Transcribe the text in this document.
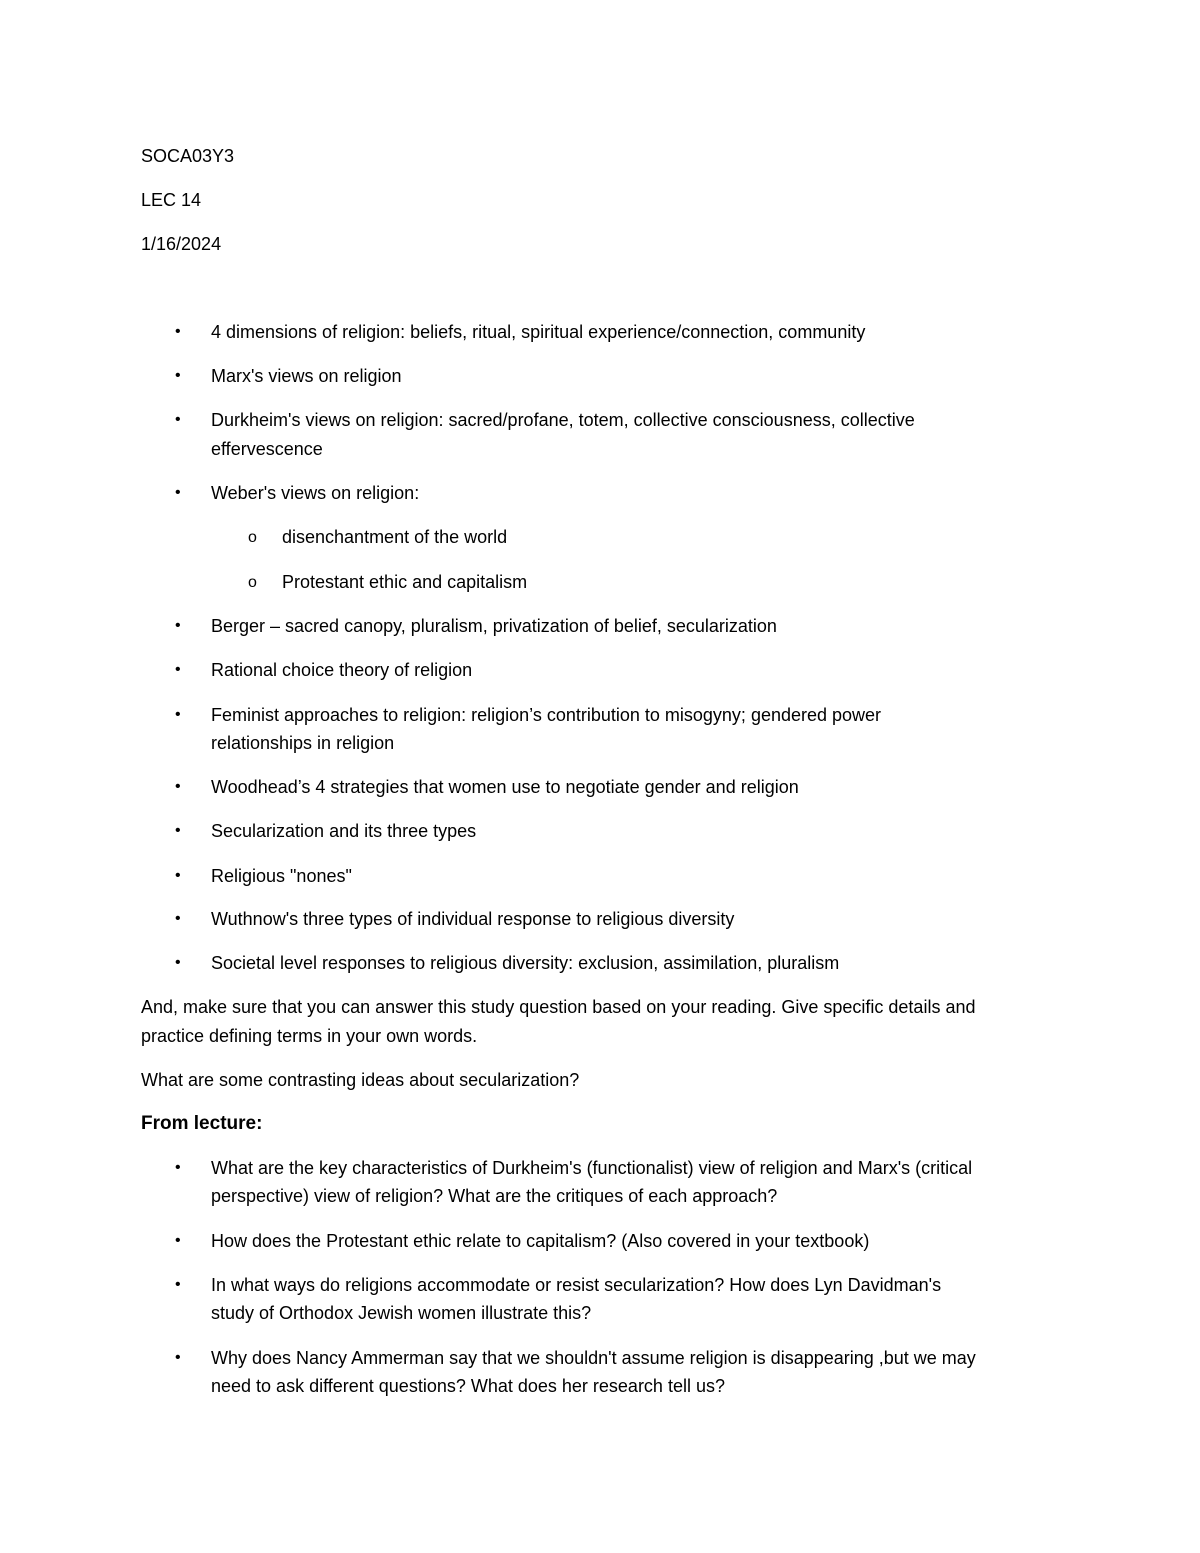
SOCA03Y3
LEC 14
1/16/2024
• 4 dimensions of religion: beliefs, ritual, spiritual experience/connection, community
• Marx's views on religion
• Durkheim's views on religion: sacred/profane, totem, collective consciousness, collective
effervescence
• Weber's views on religion:
o disenchantment of the world
o Protestant ethic and capitalism
• Berger – sacred canopy, pluralism, privatization of belief, secularization
• Rational choice theory of religion
• Feminist approaches to religion: religion’s contribution to misogyny; gendered power
relationships in religion
• Woodhead’s 4 strategies that women use to negotiate gender and religion
• Secularization and its three types
• Religious "nones"
• Wuthnow's three types of individual response to religious diversity
• Societal level responses to religious diversity: exclusion, assimilation, pluralism
And, make sure that you can answer this study question based on your reading. Give specific details and
practice defining terms in your own words.
What are some contrasting ideas about secularization?
From lecture:
• What are the key characteristics of Durkheim's (functionalist) view of religion and Marx's (critical
perspective) view of religion? What are the critiques of each approach?
• How does the Protestant ethic relate to capitalism? (Also covered in your textbook)
• In what ways do religions accommodate or resist secularization? How does Lyn Davidman's
study of Orthodox Jewish women illustrate this?
• Why does Nancy Ammerman say that we shouldn't assume religion is disappearing ,but we may
need to ask different questions? What does her research tell us?
